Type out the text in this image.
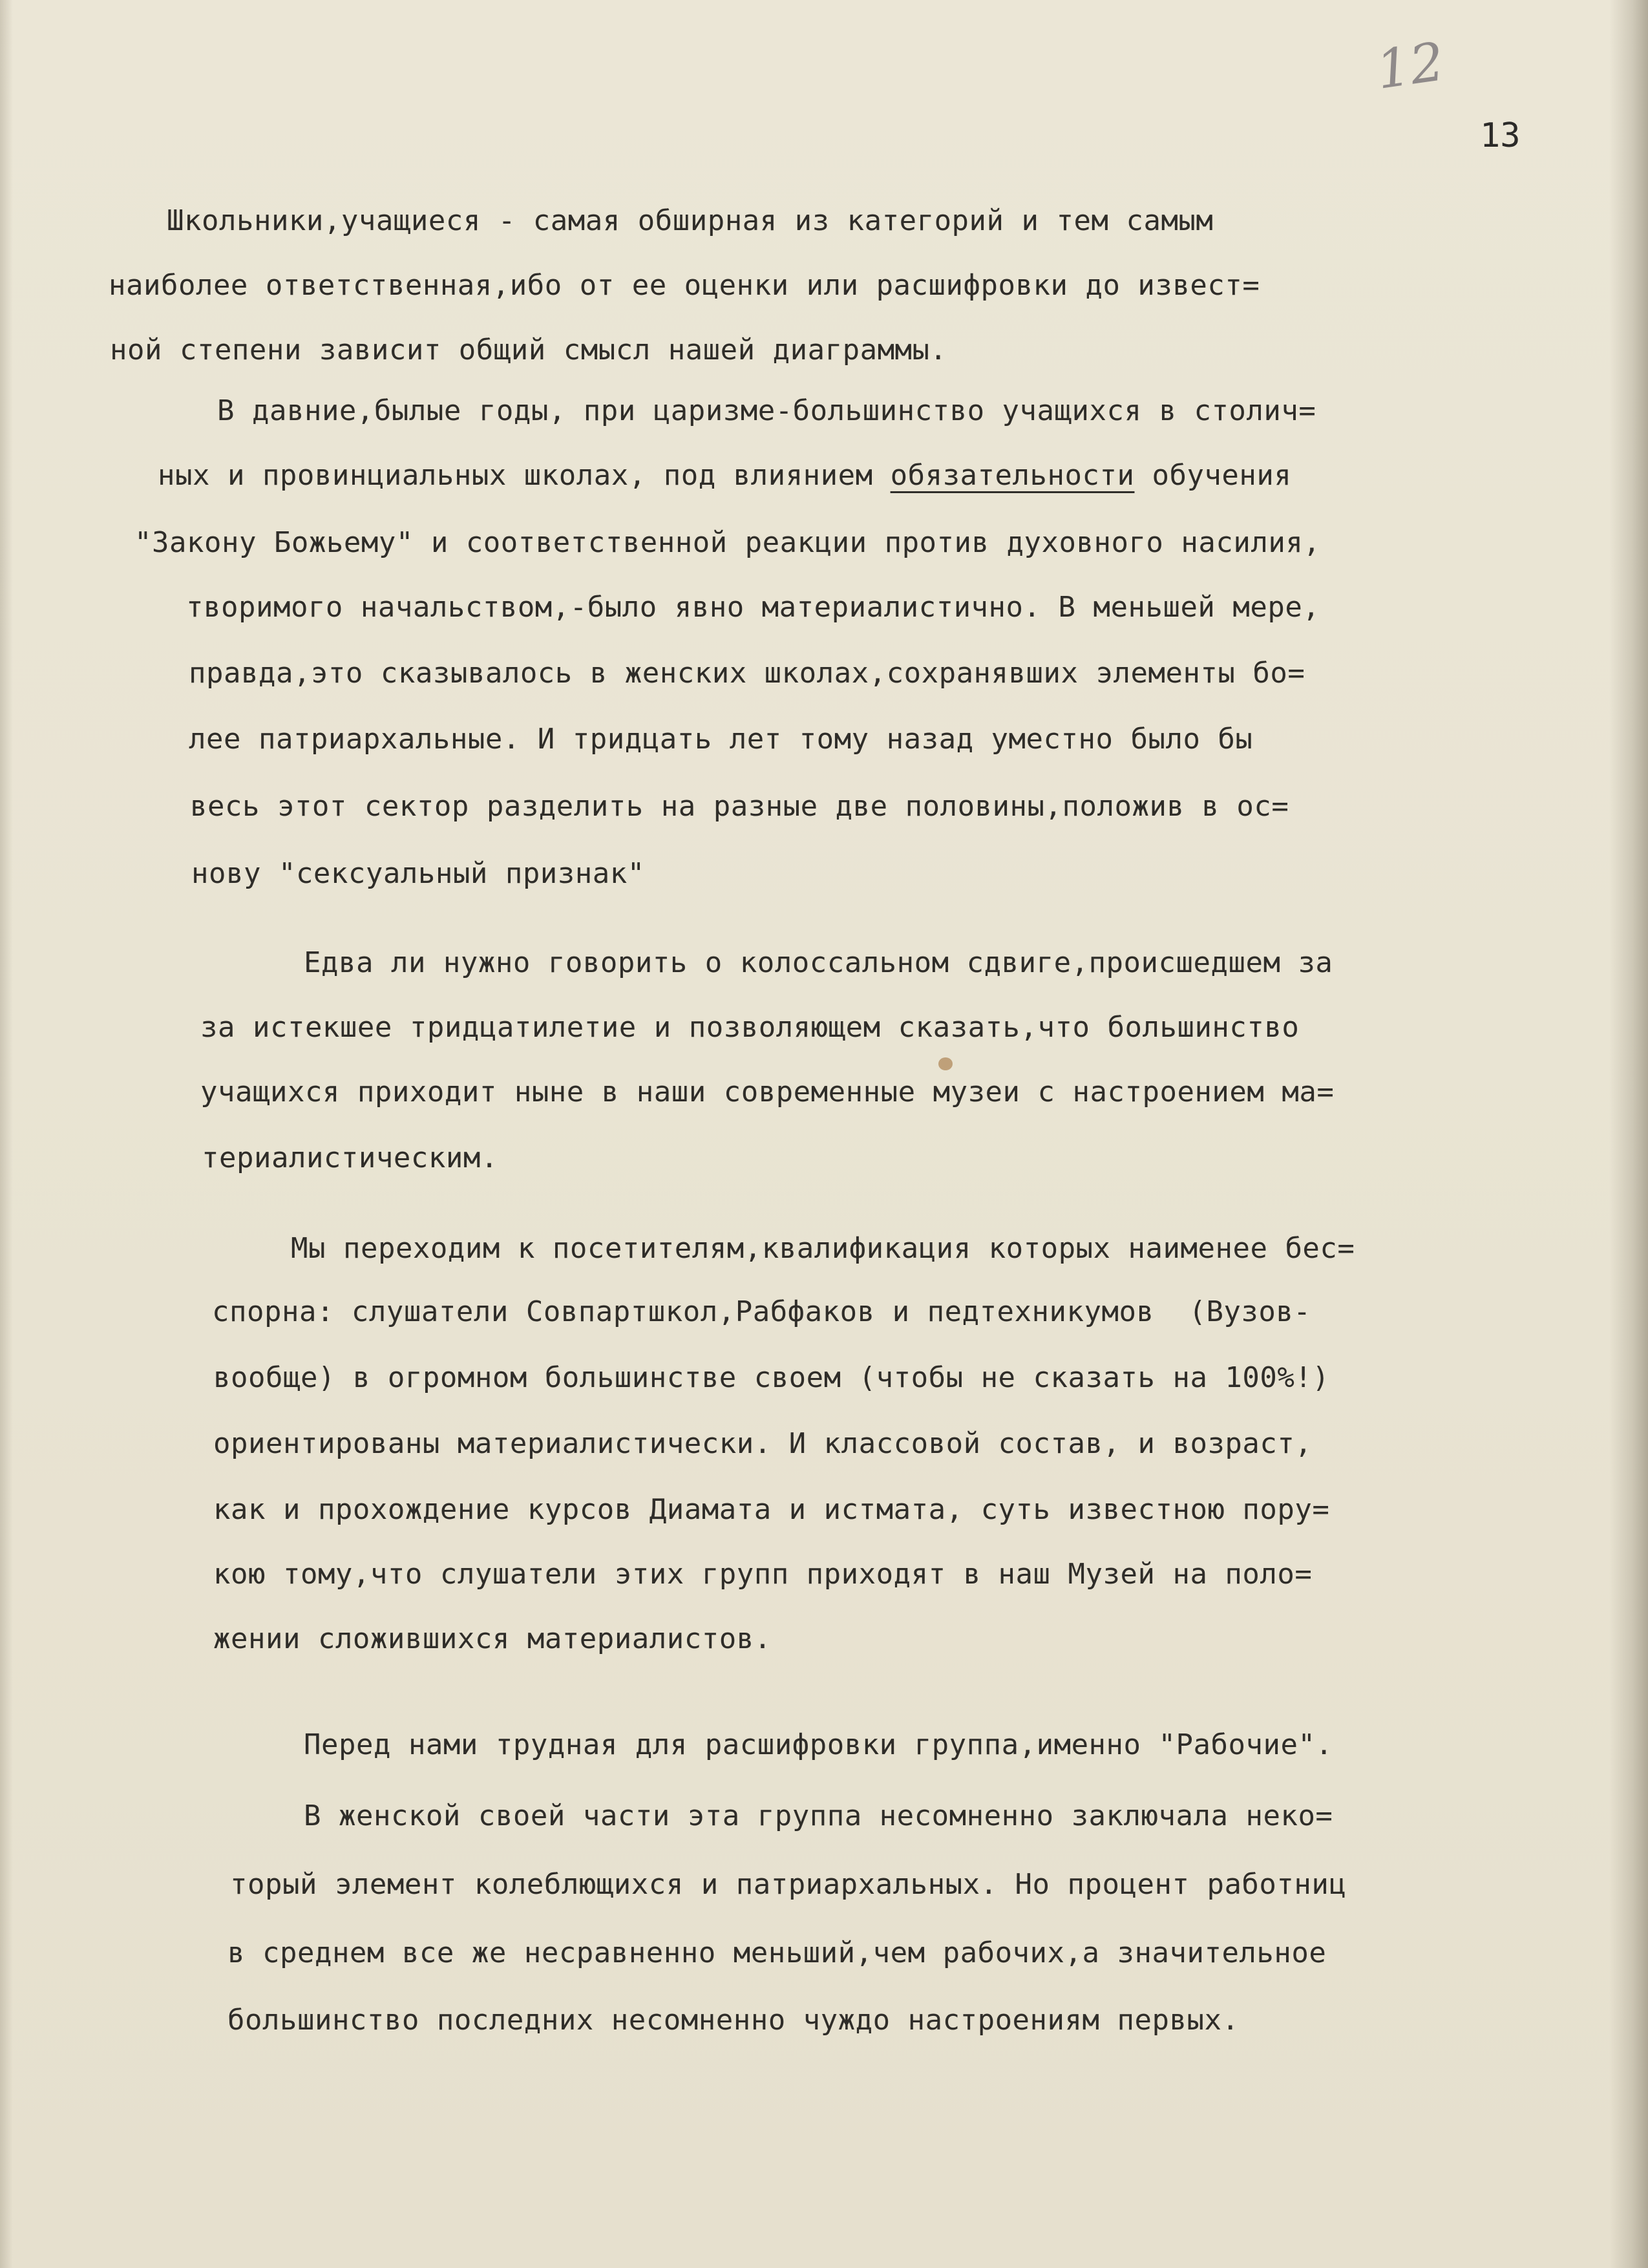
12
13

Школьники,учащиеся - самая обширная из категорий и тем самым

наиболее ответственная,ибо от ее оценки или расшифровки до извест=

ной степени зависит общий смысл нашей диаграммы.

В давние,былые годы, при царизме-большинство учащихся в столич=

ных и провинциальных школах, под влиянием обязательности обучения

"Закону Божьему" и соответственной реакции против духовного насилия,

творимого начальством,-было явно материалистично. В меньшей мере,

правда,это сказывалось в женских школах,сохранявших элементы бо=

лее патриархальные. И тридцать лет тому назад уместно было бы

весь этот сектор разделить на разные две половины,положив в ос=

нову "сексуальный признак"

Едва ли нужно говорить о колоссальном сдвиге,происшедшем за

за истекшее тридцатилетие и позволяющем сказать,что большинство

учащихся приходит ныне в наши современные музеи с настроением ма=

териалистическим.

Мы переходим к посетителям,квалификация которых наименее бес=

спорна: слушатели Совпартшкол,Рабфаков и педтехникумов  (Вузов-

вообще) в огромном большинстве своем (чтобы не сказать на 100%!)

ориентированы материалистически. И классовой состав, и возраст,

как и прохождение курсов Диамата и истмата, суть известною пору=

кою тому,что слушатели этих групп приходят в наш Музей на поло=

жении сложившихся материалистов.

Перед нами трудная для расшифровки группа,именно "Рабочие".

В женской своей части эта группа несомненно заключала неко=

торый элемент колеблющихся и патриархальных. Но процент работниц

в среднем все же несравненно меньший,чем рабочих,а значительное

большинство последних несомненно чуждо настроениям первых.
